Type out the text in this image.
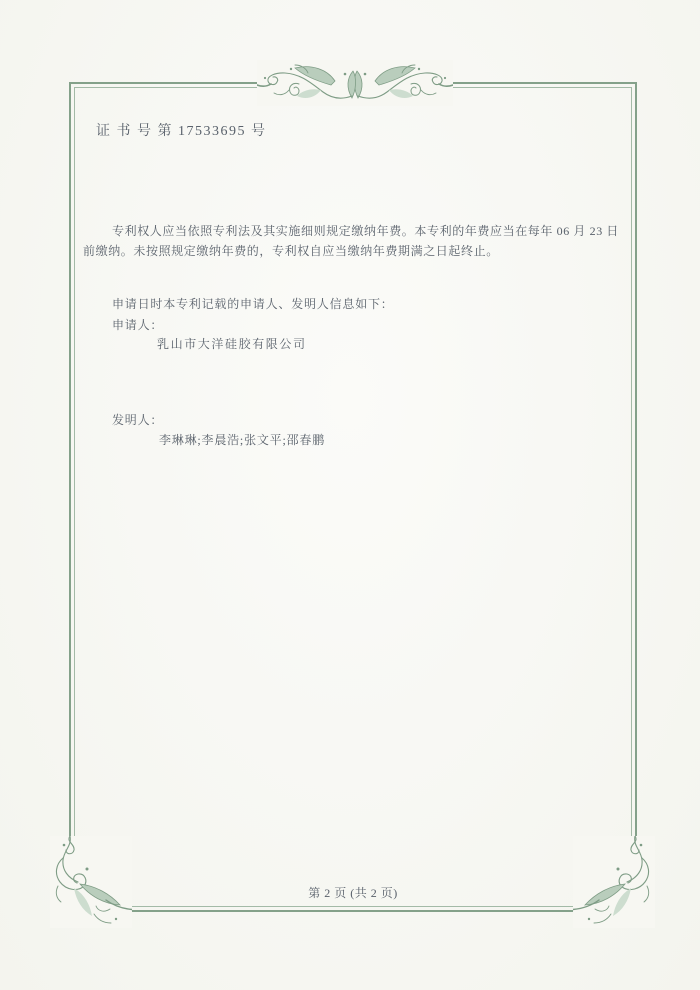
证 书 号 第 17533695 号
专利权人应当依照专利法及其实施细则规定缴纳年费。本专利的年费应当在每年 06 月 23 日
前缴纳。未按照规定缴纳年费的，专利权自应当缴纳年费期满之日起终止。
申请日时本专利记载的申请人、发明人信息如下：
申请人：
乳山市大洋硅胶有限公司
发明人：
李琳琳;李晨浩;张文平;邵春鹏
第 2 页 (共 2 页)
